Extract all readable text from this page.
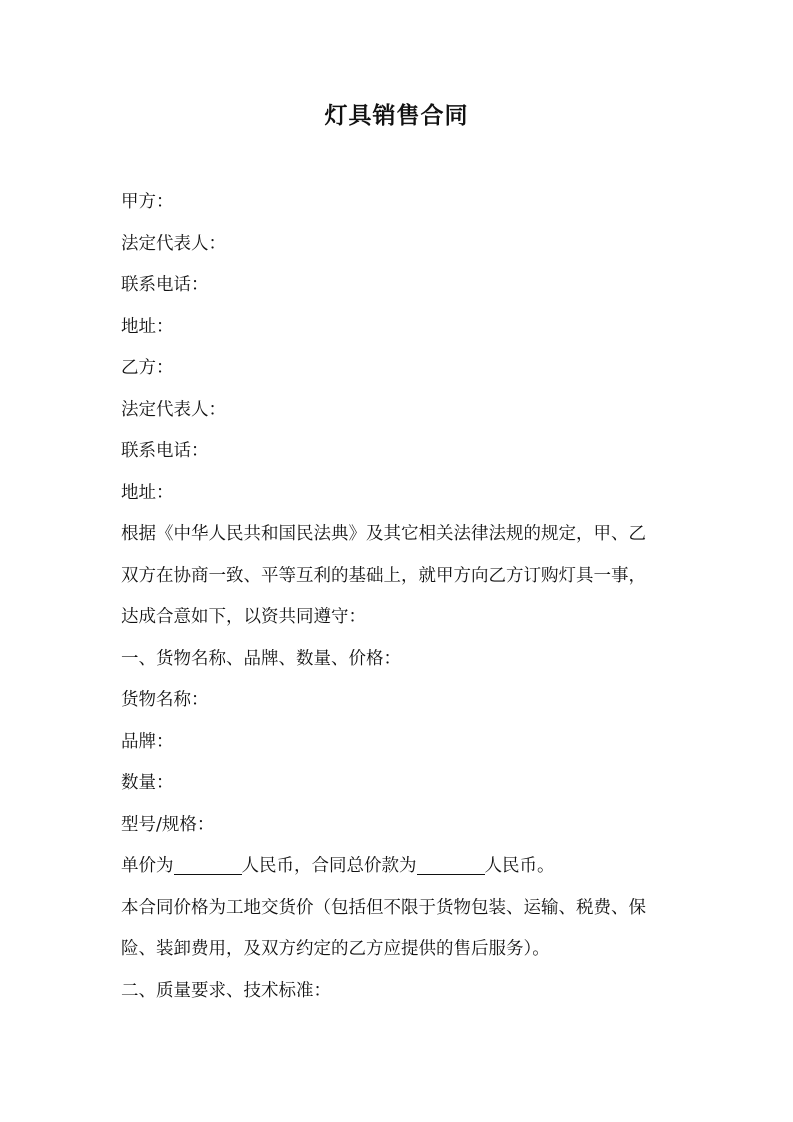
灯具销售合同
甲方：
法定代表人：
联系电话：
地址：
乙方：
法定代表人：
联系电话：
地址：
根据《中华人民共和国民法典》及其它相关法律法规的规定，甲、乙
双方在协商一致、平等互利的基础上，就甲方向乙方订购灯具一事，
达成合意如下，以资共同遵守：
一、货物名称、品牌、数量、价格：
货物名称：
品牌：
数量：
型号/规格：
单价为	人民币，合同总价款为	人民币。
本合同价格为工地交货价（包括但不限于货物包装、运输、税费、保
险、装卸费用，及双方约定的乙方应提供的售后服务）。
二、质量要求、技术标准：
